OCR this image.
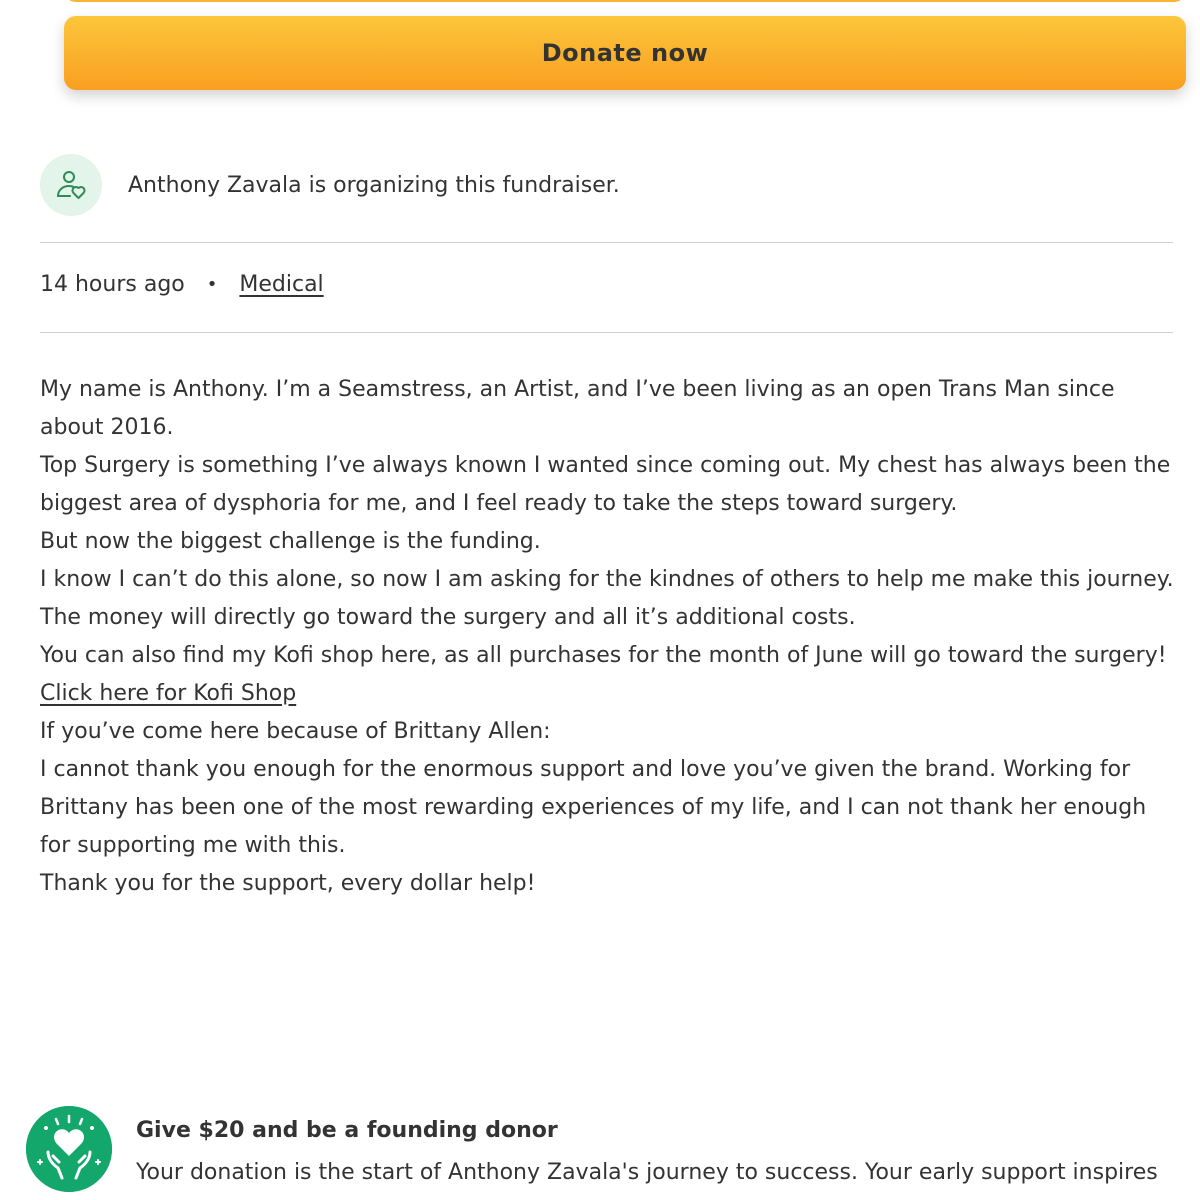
Donate now
Anthony Zavala is organizing this fundraiser.
14 hours ago • Medical

My name is Anthony. I’m a Seamstress, an Artist, and I’ve been living as an open Trans Man since about 2016.

Top Surgery is something I’ve always known I wanted since coming out. My chest has always been the biggest area of dysphoria for me, and I feel ready to take the steps toward surgery.

But now the biggest challenge is the funding.

I know I can’t do this alone, so now I am asking for the kindnes of others to help me make this journey.

The money will directly go toward the surgery and all it’s additional costs.

You can also find my Kofi shop here, as all purchases for the month of June will go toward the surgery!

Click here for Kofi Shop

If you’ve come here because of Brittany Allen:

I cannot thank you enough for the enormous support and love you’ve given the brand. Working for Brittany has been one of the most rewarding experiences of my life, and I can not thank her enough for supporting me with this.

Thank you for the support, every dollar help!

Give $20 and be a founding donor
Your donation is the start of Anthony Zavala's journey to success. Your early support inspires
